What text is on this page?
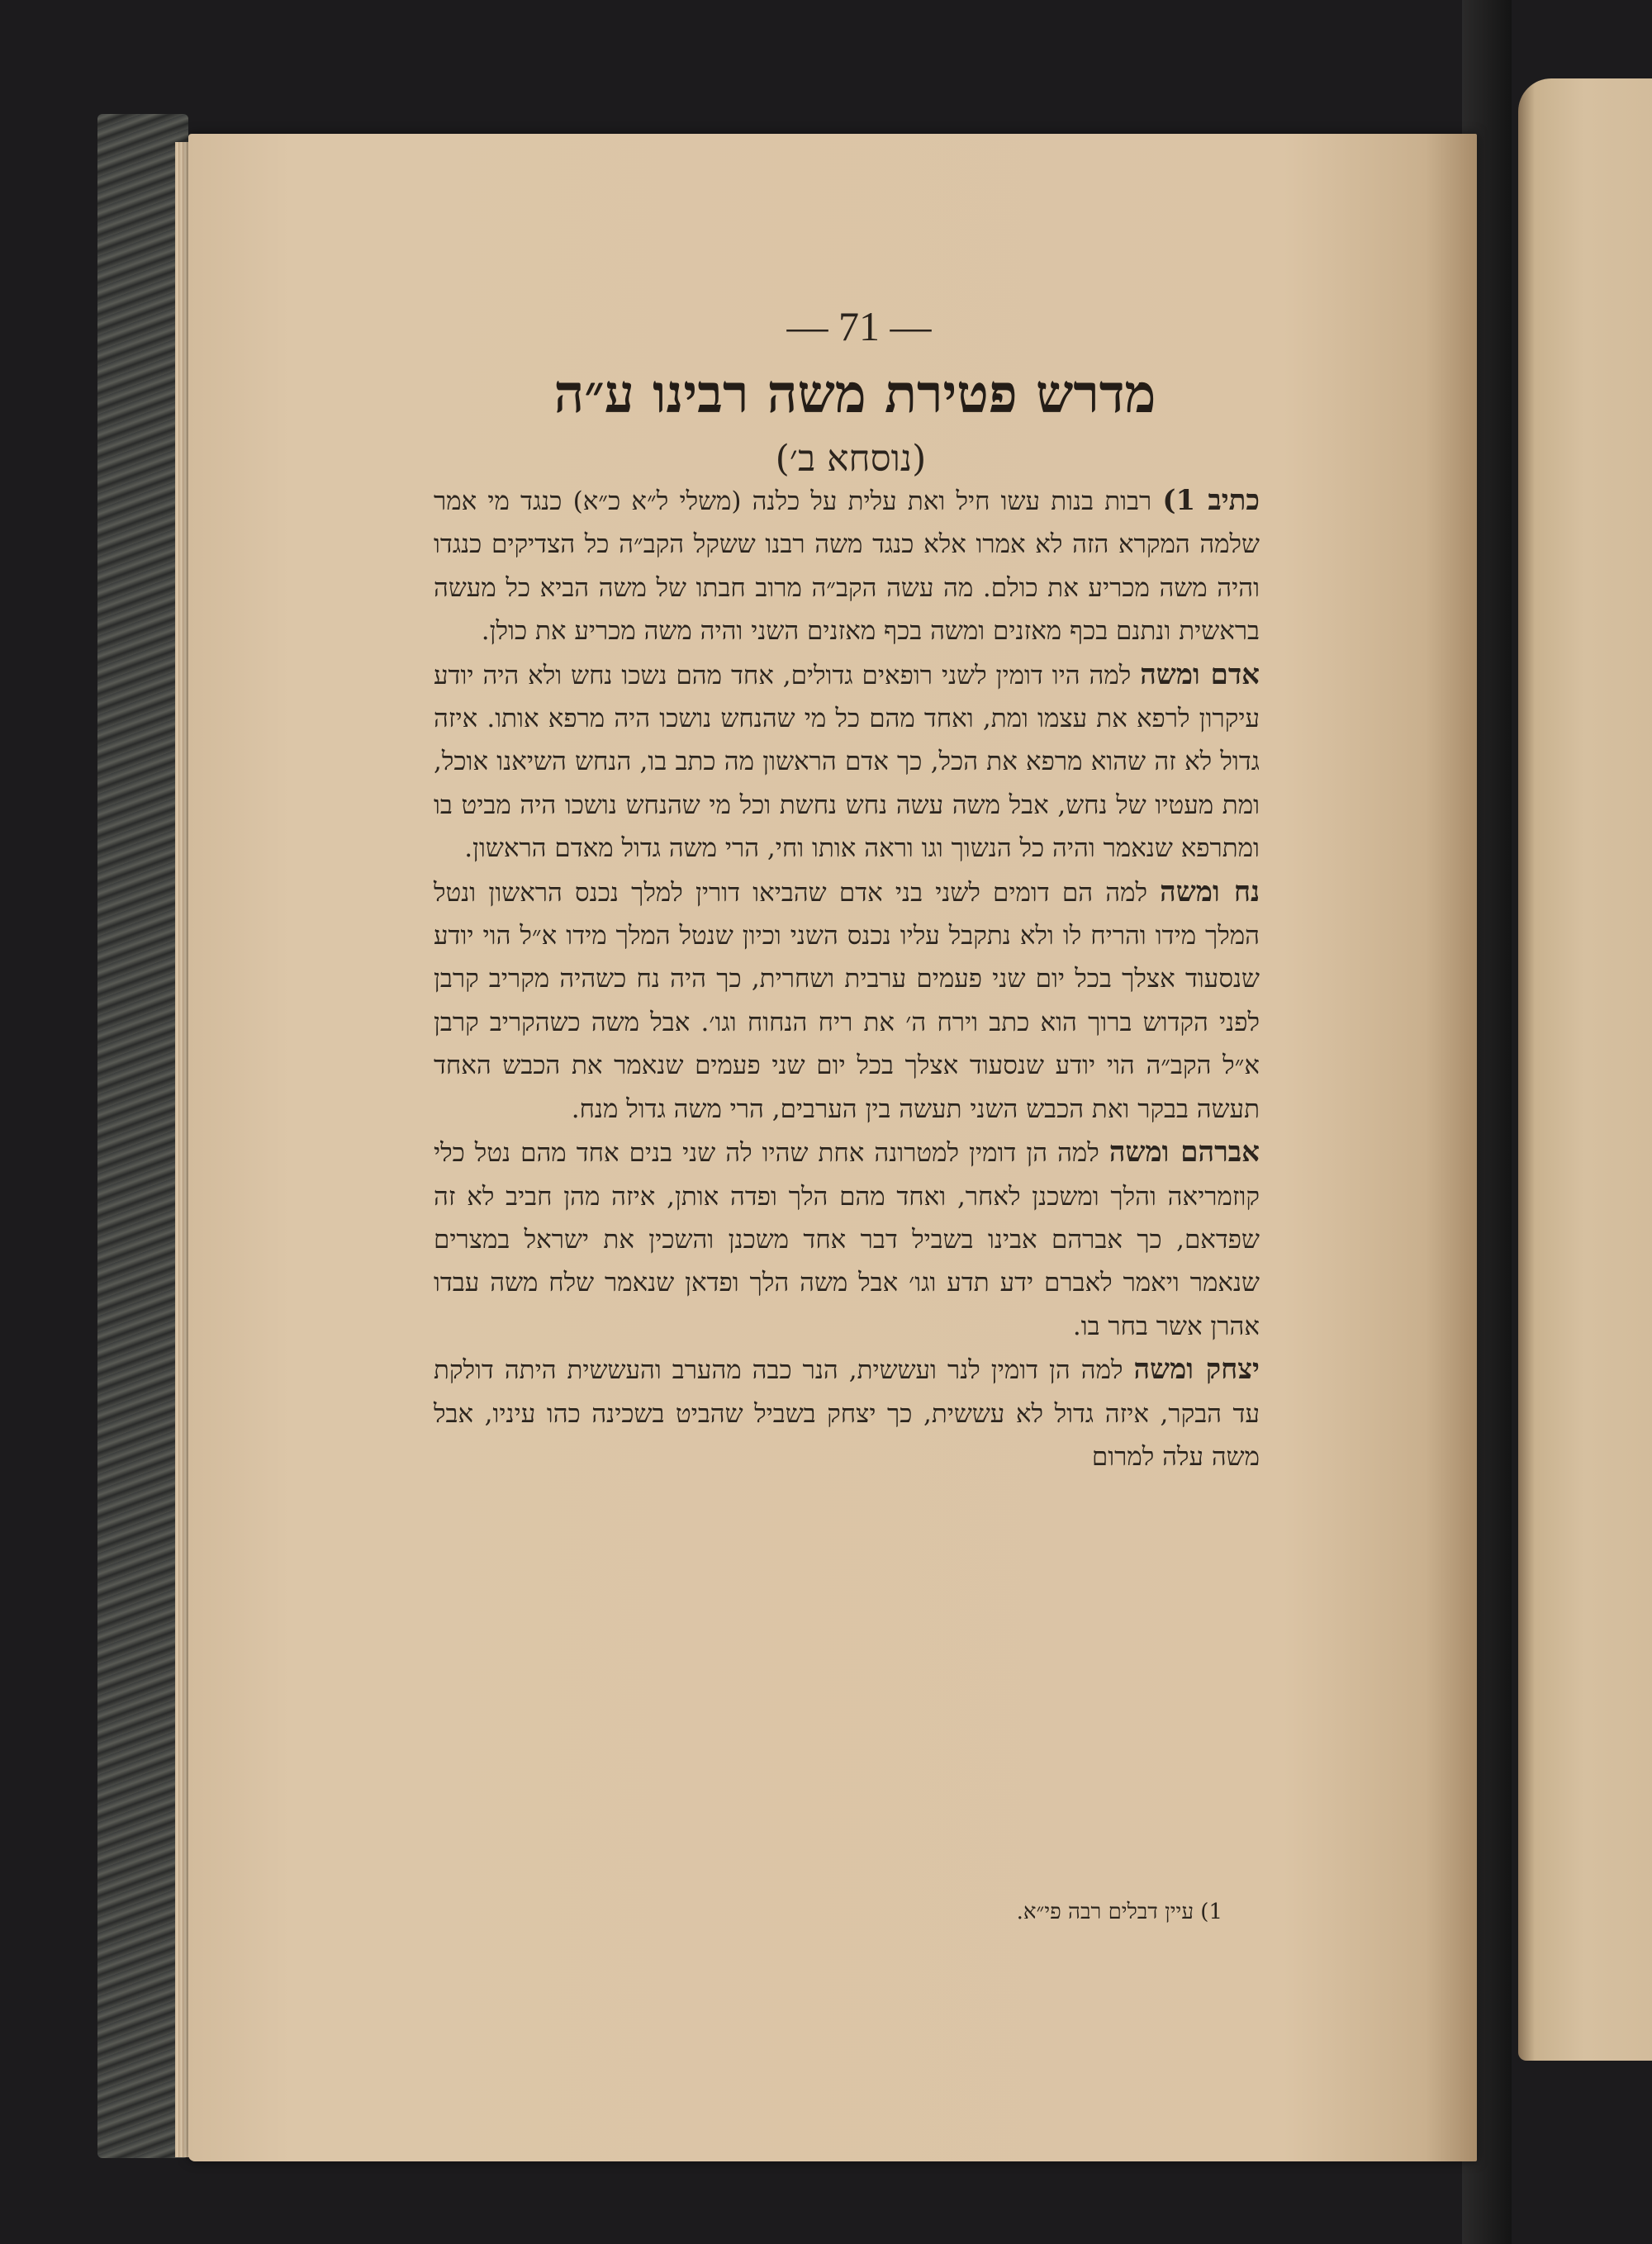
— 71 —
מדרש פטירת משה רבינו ע״ה
(נוסחא ב׳)

כתיב 1) רבות בנות עשו חיל ואת עלית על כלנה (משלי ל״א כ״א) כנגד מי אמר שלמה המקרא הזה לא אמרו אלא כנגד משה רבנו ששקל הקב״ה כל הצדיקים כנגדו והיה משה מכריע את כולם. מה עשה הקב״ה מרוב חבתו של משה הביא כל מעשה בראשית ונתנם בכף מאזנים ומשה בכף מאזנים השני והיה משה מכריע את כולן.

אדם ומשה למה היו דומין לשני רופאים גדולים, אחד מהם נשכו נחש ולא היה יודע עיקרון לרפא את עצמו ומת, ואחד מהם כל מי שהנחש נושכו היה מרפא אותו. איזה גדול לא זה שהוא מרפא את הכל, כך אדם הראשון מה כתב בו, הנחש השיאנו אוכל, ומת מעטיו של נחש, אבל משה עשה נחש נחשת וכל מי שהנחש נושכו היה מביט בו ומתרפא שנאמר והיה כל הנשוך וגו וראה אותו וחי, הרי משה גדול מאדם הראשון.

נח ומשה למה הם דומים לשני בני אדם שהביאו דורין למלך נכנס הראשון ונטל המלך מידו והריח לו ולא נתקבל עליו נכנס השני וכיון שנטל המלך מידו א״ל הוי יודע שנסעוד אצלך בכל יום שני פעמים ערבית ושחרית, כך היה נח כשהיה מקריב קרבן לפני הקדוש ברוך הוא כתב וירח ה׳ את ריח הנחוח וגו׳. אבל משה כשהקריב קרבן א״ל הקב״ה הוי יודע שנסעוד אצלך בכל יום שני פעמים שנאמר את הכבש האחד תעשה בבקר ואת הכבש השני תעשה בין הערבים, הרי משה גדול מנח.

אברהם ומשה למה הן דומין למטרונה אחת שהיו לה שני בנים אחד מהם נטל כלי קוזמריאה והלך ומשכנן לאחר, ואחד מהם הלך ופדה אותן, איזה מהן חביב לא זה שפדאם, כך אברהם אבינו בשביל דבר אחד משכנן והשכין את ישראל במצרים שנאמר ויאמר לאברם ידע תדע וגו׳ אבל משה הלך ופדאן שנאמר שלח משה עבדו אהרן אשר בחר בו.

יצחק ומשה למה הן דומין לנר ועששית, הנר כבה מהערב והעששית היתה דולקת עד הבקר, איזה גדול לא עששית, כך יצחק בשביל שהביט בשכינה כהו עיניו, אבל משה עלה למרום

1) עיין דבלים רבה פי״א.
